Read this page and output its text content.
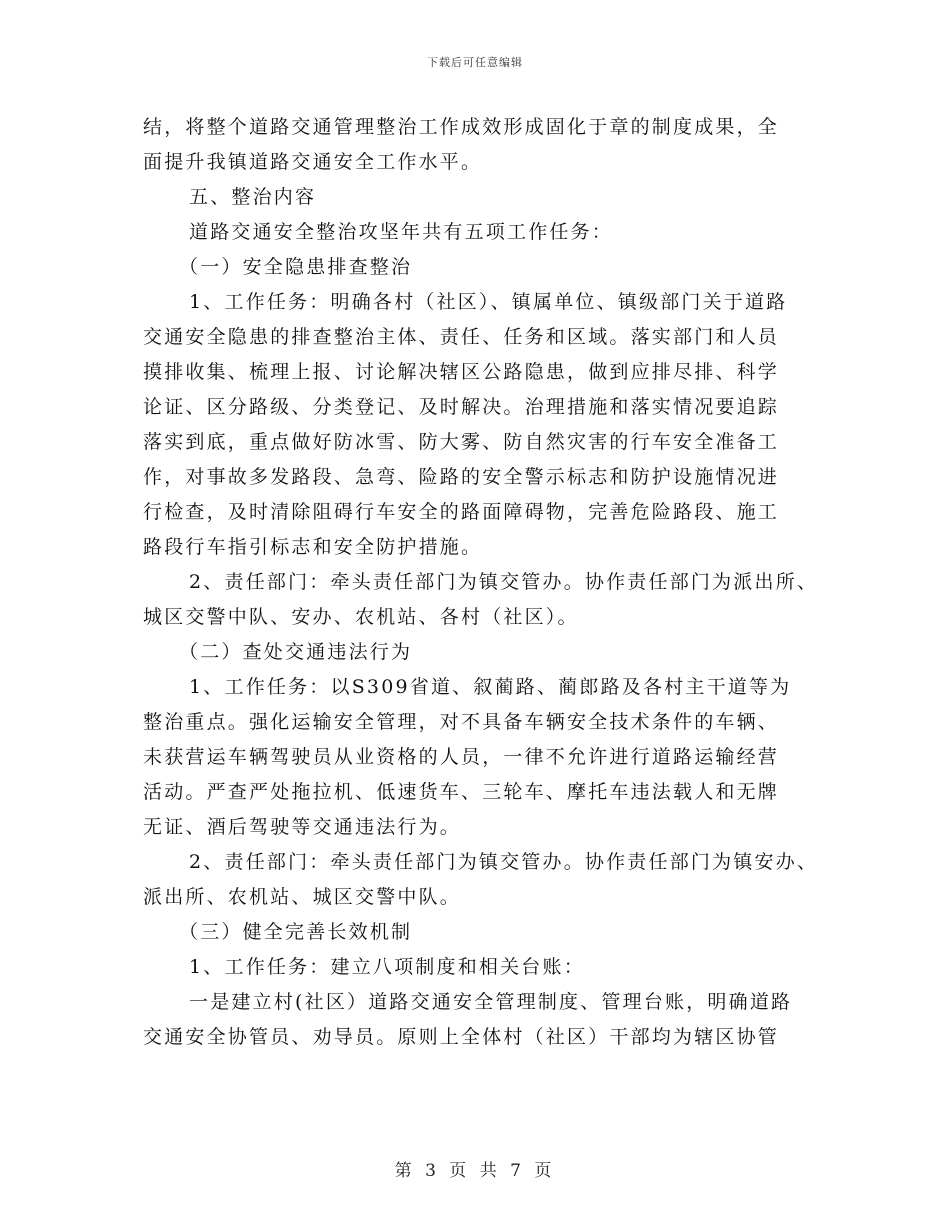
下载后可任意编辑
结，将整个道路交通管理整治工作成效形成固化于章的制度成果，全
面提升我镇道路交通安全工作水平。
五、整治内容
道路交通安全整治攻坚年共有五项工作任务：
（一）安全隐患排查整治
1、工作任务：明确各村（社区）、镇属单位、镇级部门关于道路
交通安全隐患的排查整治主体、责任、任务和区域。落实部门和人员
摸排收集、梳理上报、讨论解决辖区公路隐患，做到应排尽排、科学
论证、区分路级、分类登记、及时解决。治理措施和落实情况要追踪
落实到底，重点做好防冰雪、防大雾、防自然灾害的行车安全准备工
作，对事故多发路段、急弯、险路的安全警示标志和防护设施情况进
行检查，及时清除阻碍行车安全的路面障碍物，完善危险路段、施工
路段行车指引标志和安全防护措施。
2、责任部门：牵头责任部门为镇交管办。协作责任部门为派出所、
城区交警中队、安办、农机站、各村（社区）。
（二）查处交通违法行为
1、工作任务：以S309省道、叙蔺路、蔺郎路及各村主干道等为
整治重点。强化运输安全管理，对不具备车辆安全技术条件的车辆、
未获营运车辆驾驶员从业资格的人员，一律不允许进行道路运输经营
活动。严查严处拖拉机、低速货车、三轮车、摩托车违法载人和无牌
无证、酒后驾驶等交通违法行为。
2、责任部门：牵头责任部门为镇交管办。协作责任部门为镇安办、
派出所、农机站、城区交警中队。
（三）健全完善长效机制
1、工作任务：建立八项制度和相关台账：
一是建立村(社区）道路交通安全管理制度、管理台账，明确道路
交通安全协管员、劝导员。原则上全体村（社区）干部均为辖区协管
第 3 页 共 7 页
